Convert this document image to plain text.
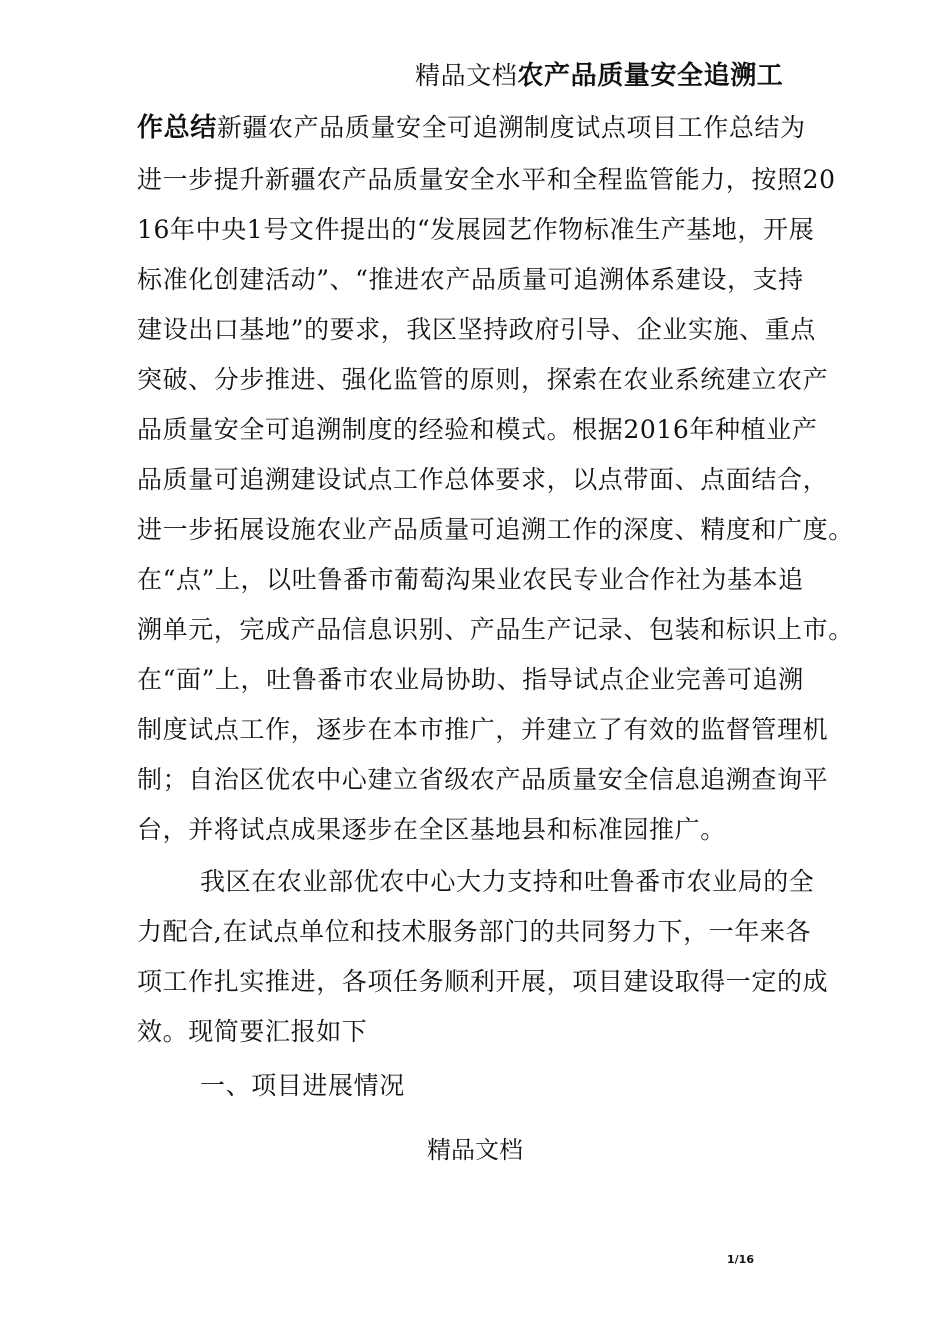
精品文档农产品质量安全追溯工
作总结新疆农产品质量安全可追溯制度试点项目工作总结为
进一步提升新疆农产品质量安全水平和全程监管能力，按照20
16年中央1号文件提出的“发展园艺作物标准生产基地，开展
标准化创建活动”、“推进农产品质量可追溯体系建设，支持
建设出口基地”的要求，我区坚持政府引导、企业实施、重点
突破、分步推进、强化监管的原则，探索在农业系统建立农产
品质量安全可追溯制度的经验和模式。根据2016年种植业产
品质量可追溯建设试点工作总体要求，以点带面、点面结合，
进一步拓展设施农业产品质量可追溯工作的深度、精度和广度。
在“点”上，以吐鲁番市葡萄沟果业农民专业合作社为基本追
溯单元，完成产品信息识别、产品生产记录、包装和标识上市。
在“面”上，吐鲁番市农业局协助、指导试点企业完善可追溯
制度试点工作，逐步在本市推广，并建立了有效的监督管理机
制；自治区优农中心建立省级农产品质量安全信息追溯查询平
台，并将试点成果逐步在全区基地县和标准园推广。
我区在农业部优农中心大力支持和吐鲁番市农业局的全
力配合,在试点单位和技术服务部门的共同努力下，一年来各
项工作扎实推进，各项任务顺利开展，项目建设取得一定的成
效。现简要汇报如下
一、项目进展情况
精品文档
1/16
